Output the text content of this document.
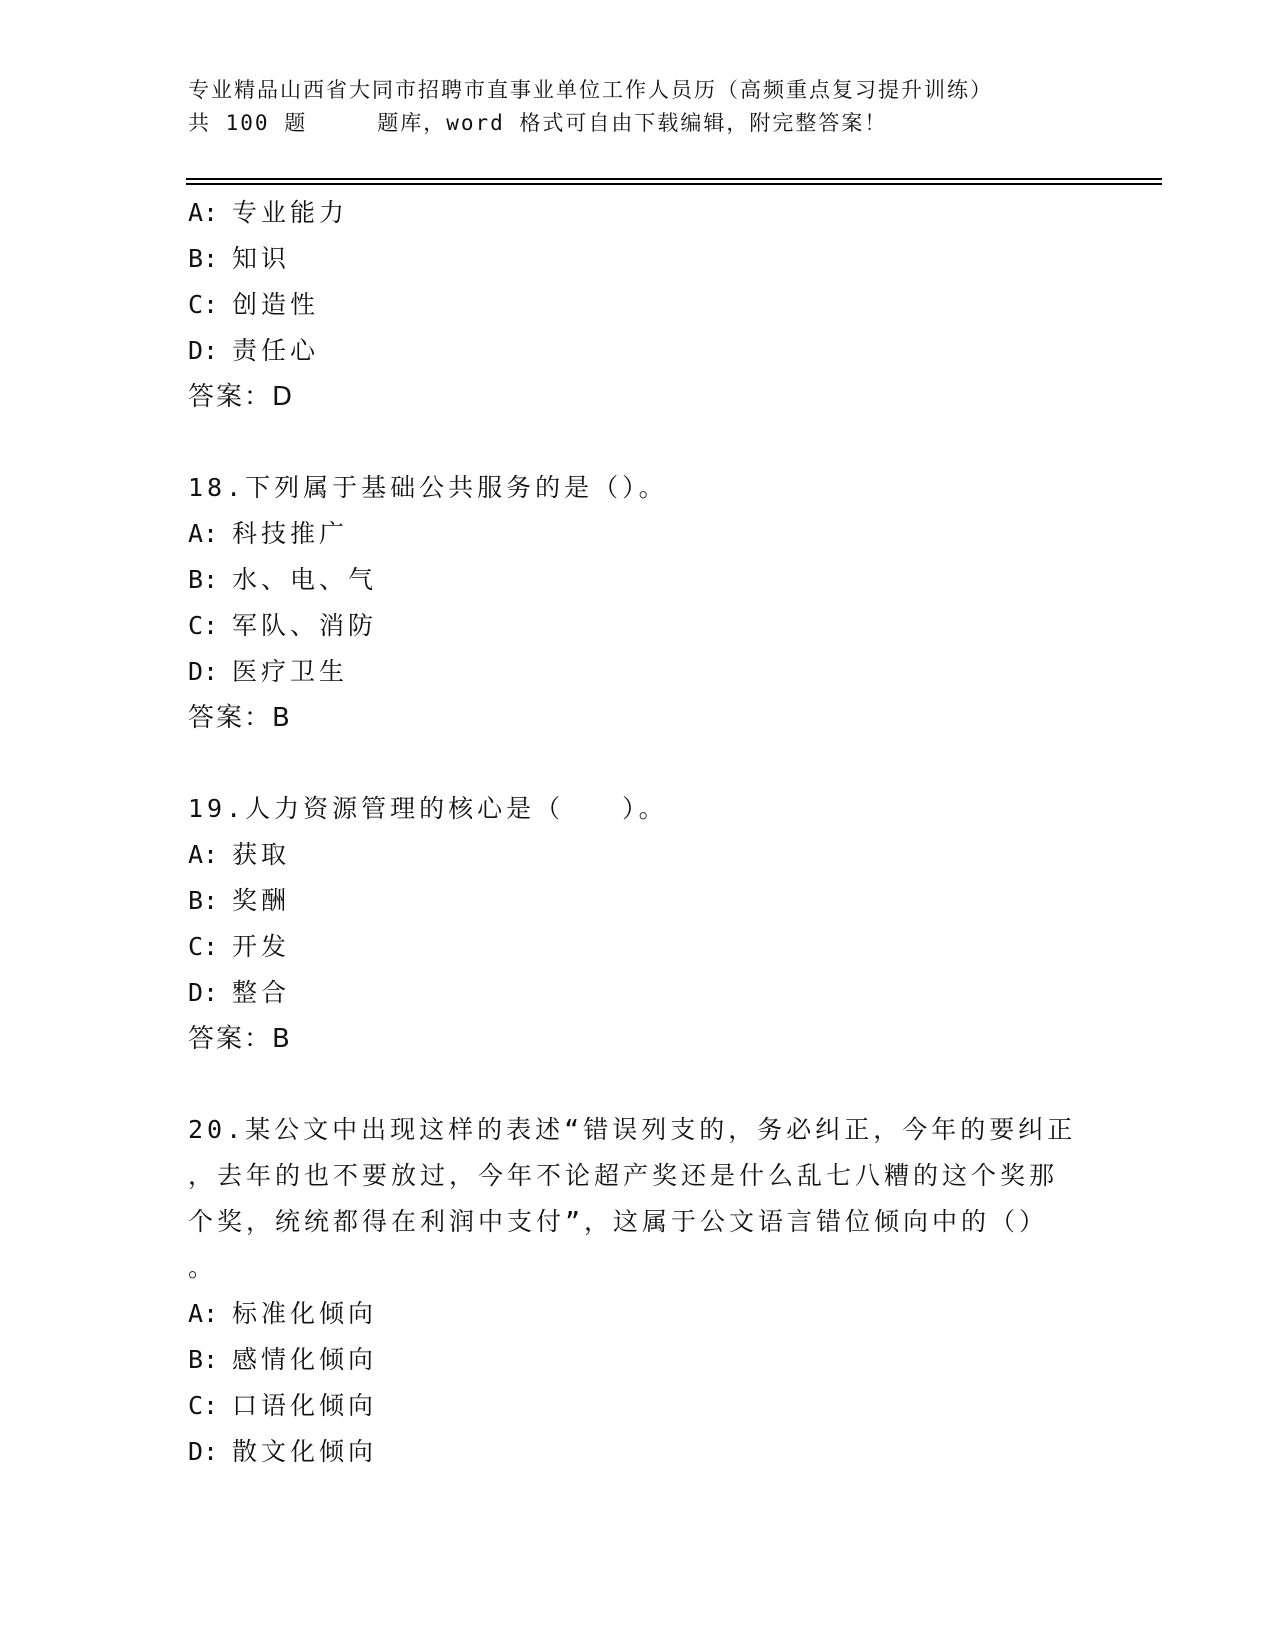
专业精品山西省大同市招聘市直事业单位工作人员历（高频重点复习提升训练）
共 100 题	题库，word 格式可自由下载编辑，附完整答案！
A: 专业能力
B: 知识
C: 创造性
D: 责任心
答案：D
18.下列属于基础公共服务的是（）。
A: 科技推广
B: 水、电、气
C: 军队、消防
D: 医疗卫生
答案：B
19.人力资源管理的核心是（　　）。
A: 获取
B: 奖酬
C: 开发
D: 整合
答案：B
20.某公文中出现这样的表述“错误列支的，务必纠正，今年的要纠正
，去年的也不要放过，今年不论超产奖还是什么乱七八糟的这个奖那
个奖，统统都得在利润中支付”，这属于公文语言错位倾向中的（）
。
A: 标准化倾向
B: 感情化倾向
C: 口语化倾向
D: 散文化倾向
